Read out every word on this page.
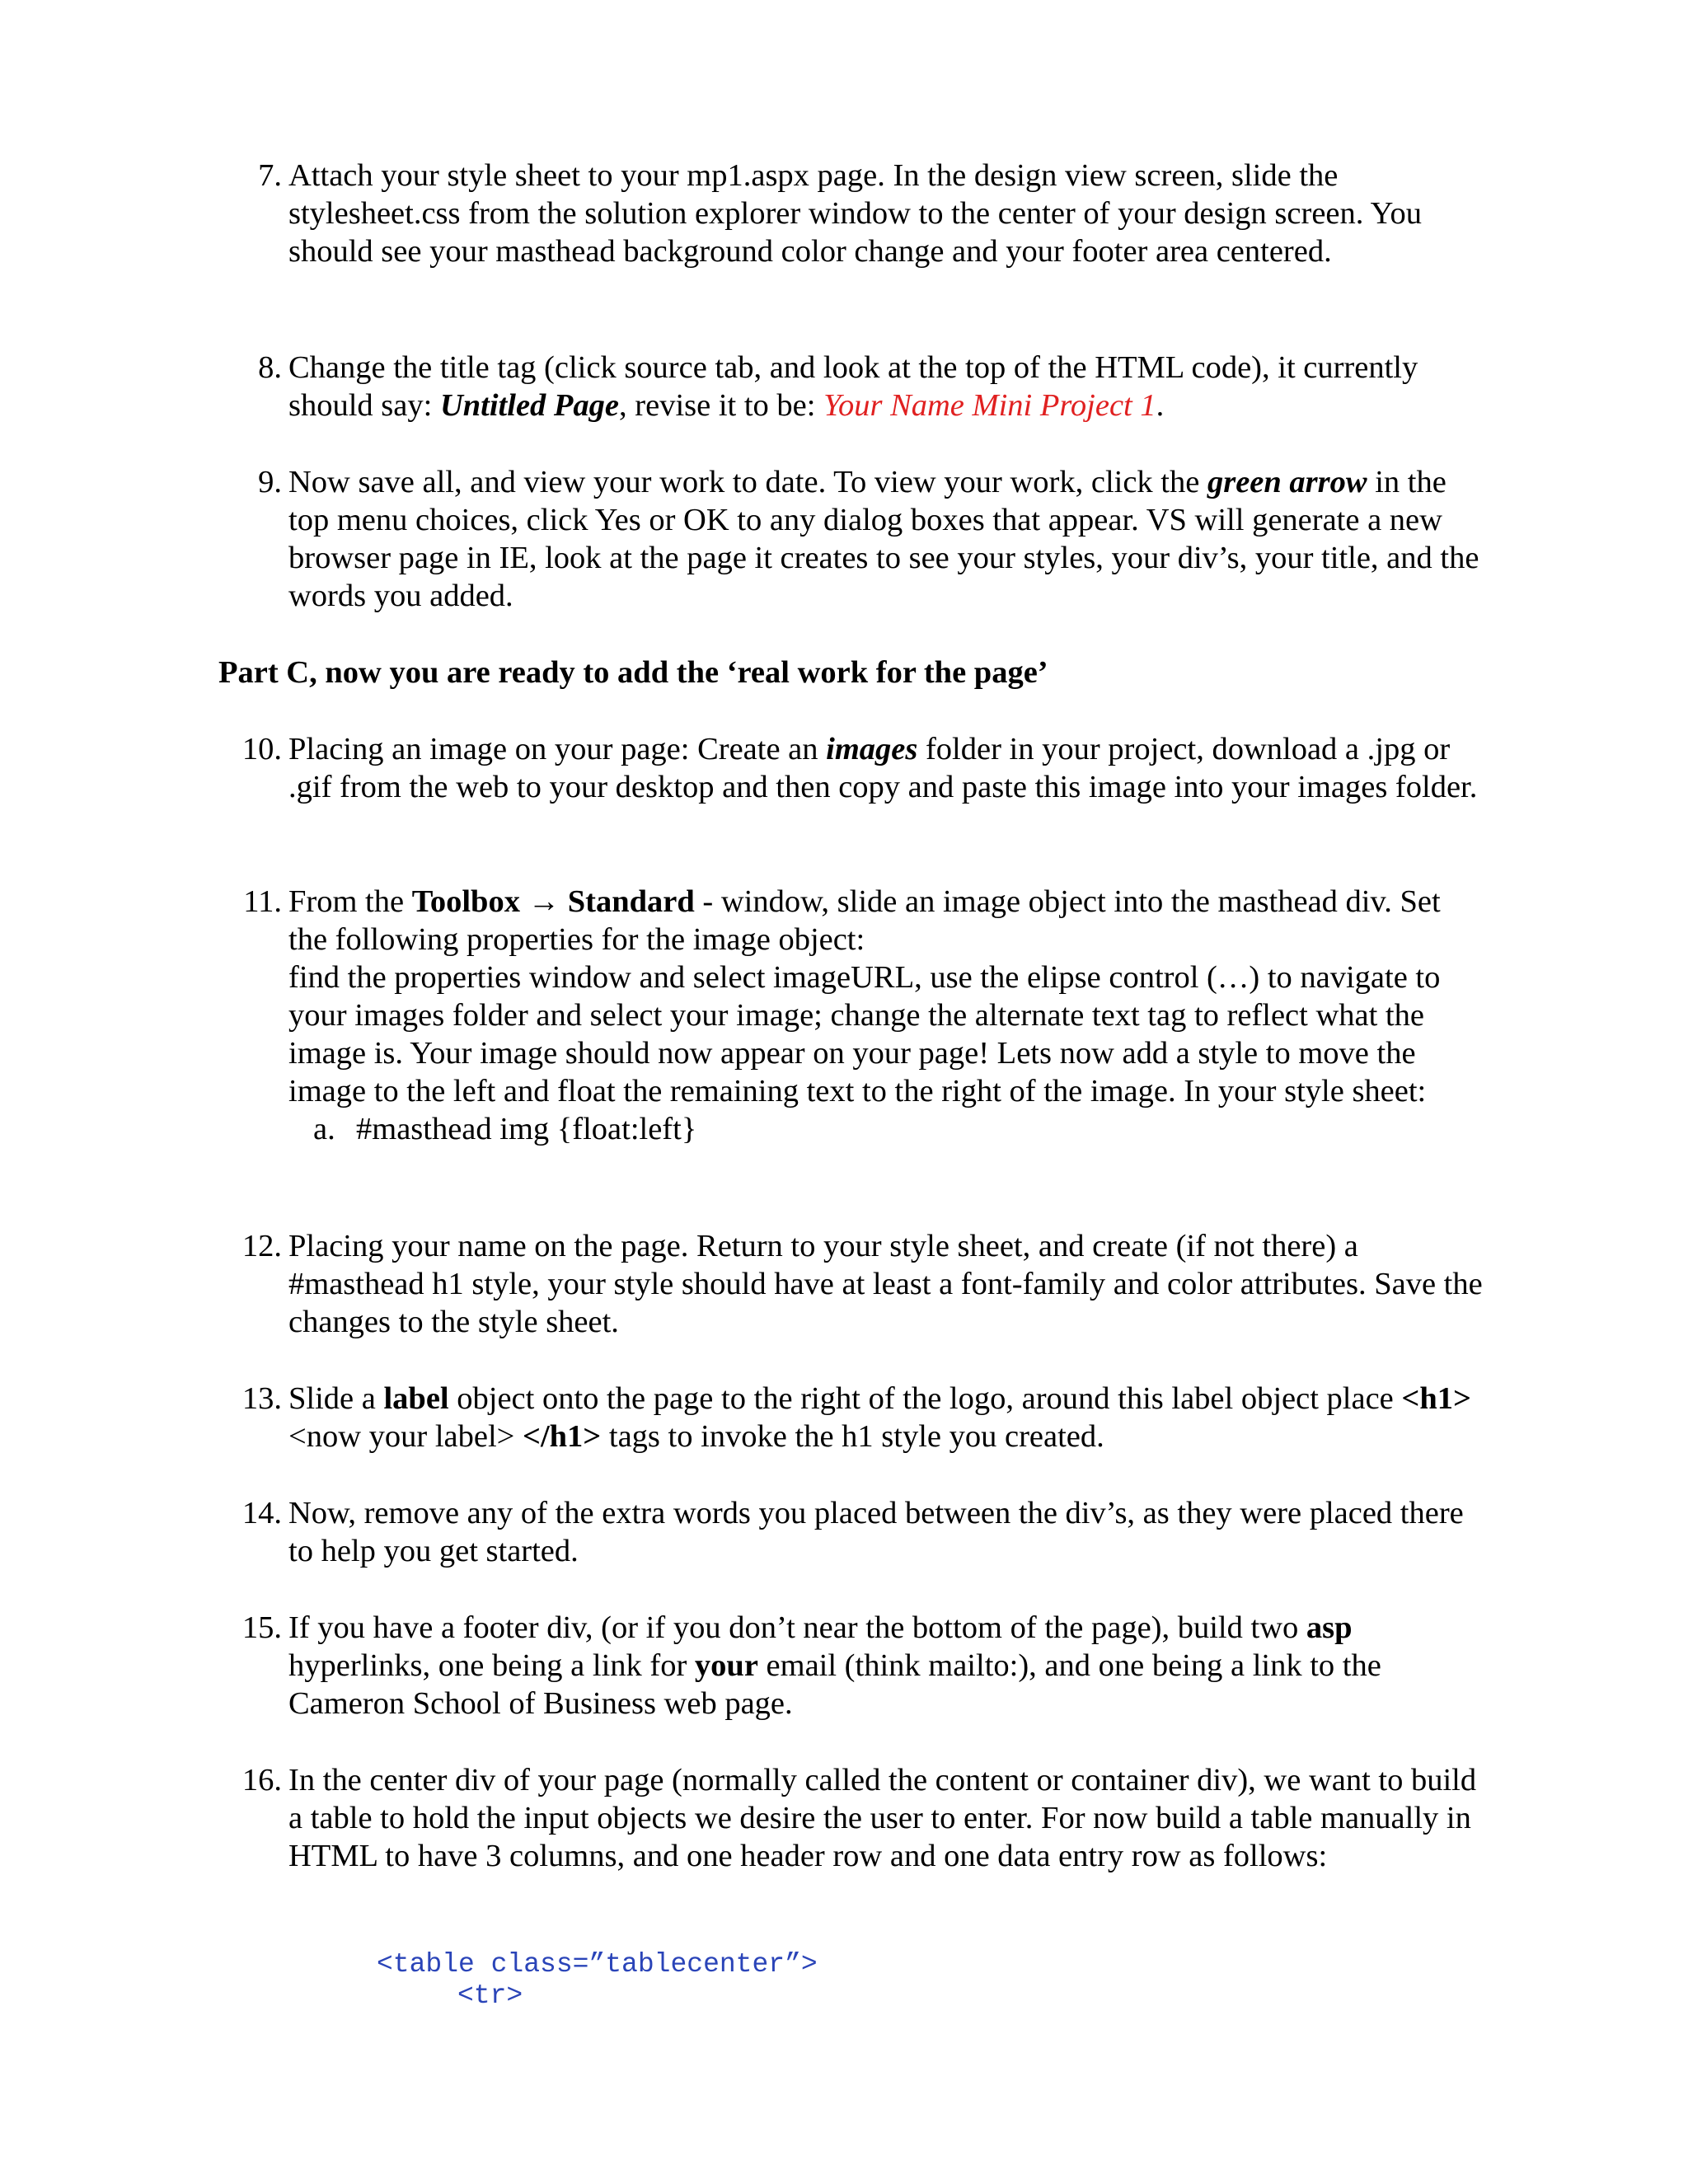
7. Attach your style sheet to your mp1.aspx page. In the design view screen, slide the stylesheet.css from the solution explorer window to the center of your design screen. You should see your masthead background color change and your footer area centered.
8. Change the title tag (click source tab, and look at the top of the HTML code), it currently should say: Untitled Page, revise it to be: Your Name Mini Project 1.
9. Now save all, and view your work to date. To view your work, click the green arrow in the top menu choices, click Yes or OK to any dialog boxes that appear. VS will generate a new browser page in IE, look at the page it creates to see your styles, your div’s, your title, and the words you added.
Part C, now you are ready to add the ‘real work for the page’
10. Placing an image on your page: Create an images folder in your project, download a .jpg or .gif from the web to your desktop and then copy and paste this image into your images folder.
11. From the Toolbox → Standard - window, slide an image object into the masthead div. Set the following properties for the image object:
find the properties window and select imageURL, use the elipse control (…) to navigate to your images folder and select your image; change the alternate text tag to reflect what the image is. Your image should now appear on your page! Lets now add a style to move the image to the left and float the remaining text to the right of the image. In your style sheet:
a. #masthead img {float:left}
12. Placing your name on the page. Return to your style sheet, and create (if not there) a #masthead h1 style, your style should have at least a font-family and color attributes. Save the changes to the style sheet.
13. Slide a label object onto the page to the right of the logo, around this label object place <h1> <now your label> </h1> tags to invoke the h1 style you created.
14. Now, remove any of the extra words you placed between the div’s, as they were placed there to help you get started.
15. If you have a footer div, (or if you don’t near the bottom of the page), build two asp hyperlinks, one being a link for your email (think mailto:), and one being a link to the Cameron School of Business web page.
16. In the center div of your page (normally called the content or container div), we want to build a table to hold the input objects we desire the user to enter. For now build a table manually in HTML to have 3 columns, and one header row and one data entry row as follows:
<table class=”tablecenter”>
<tr>
